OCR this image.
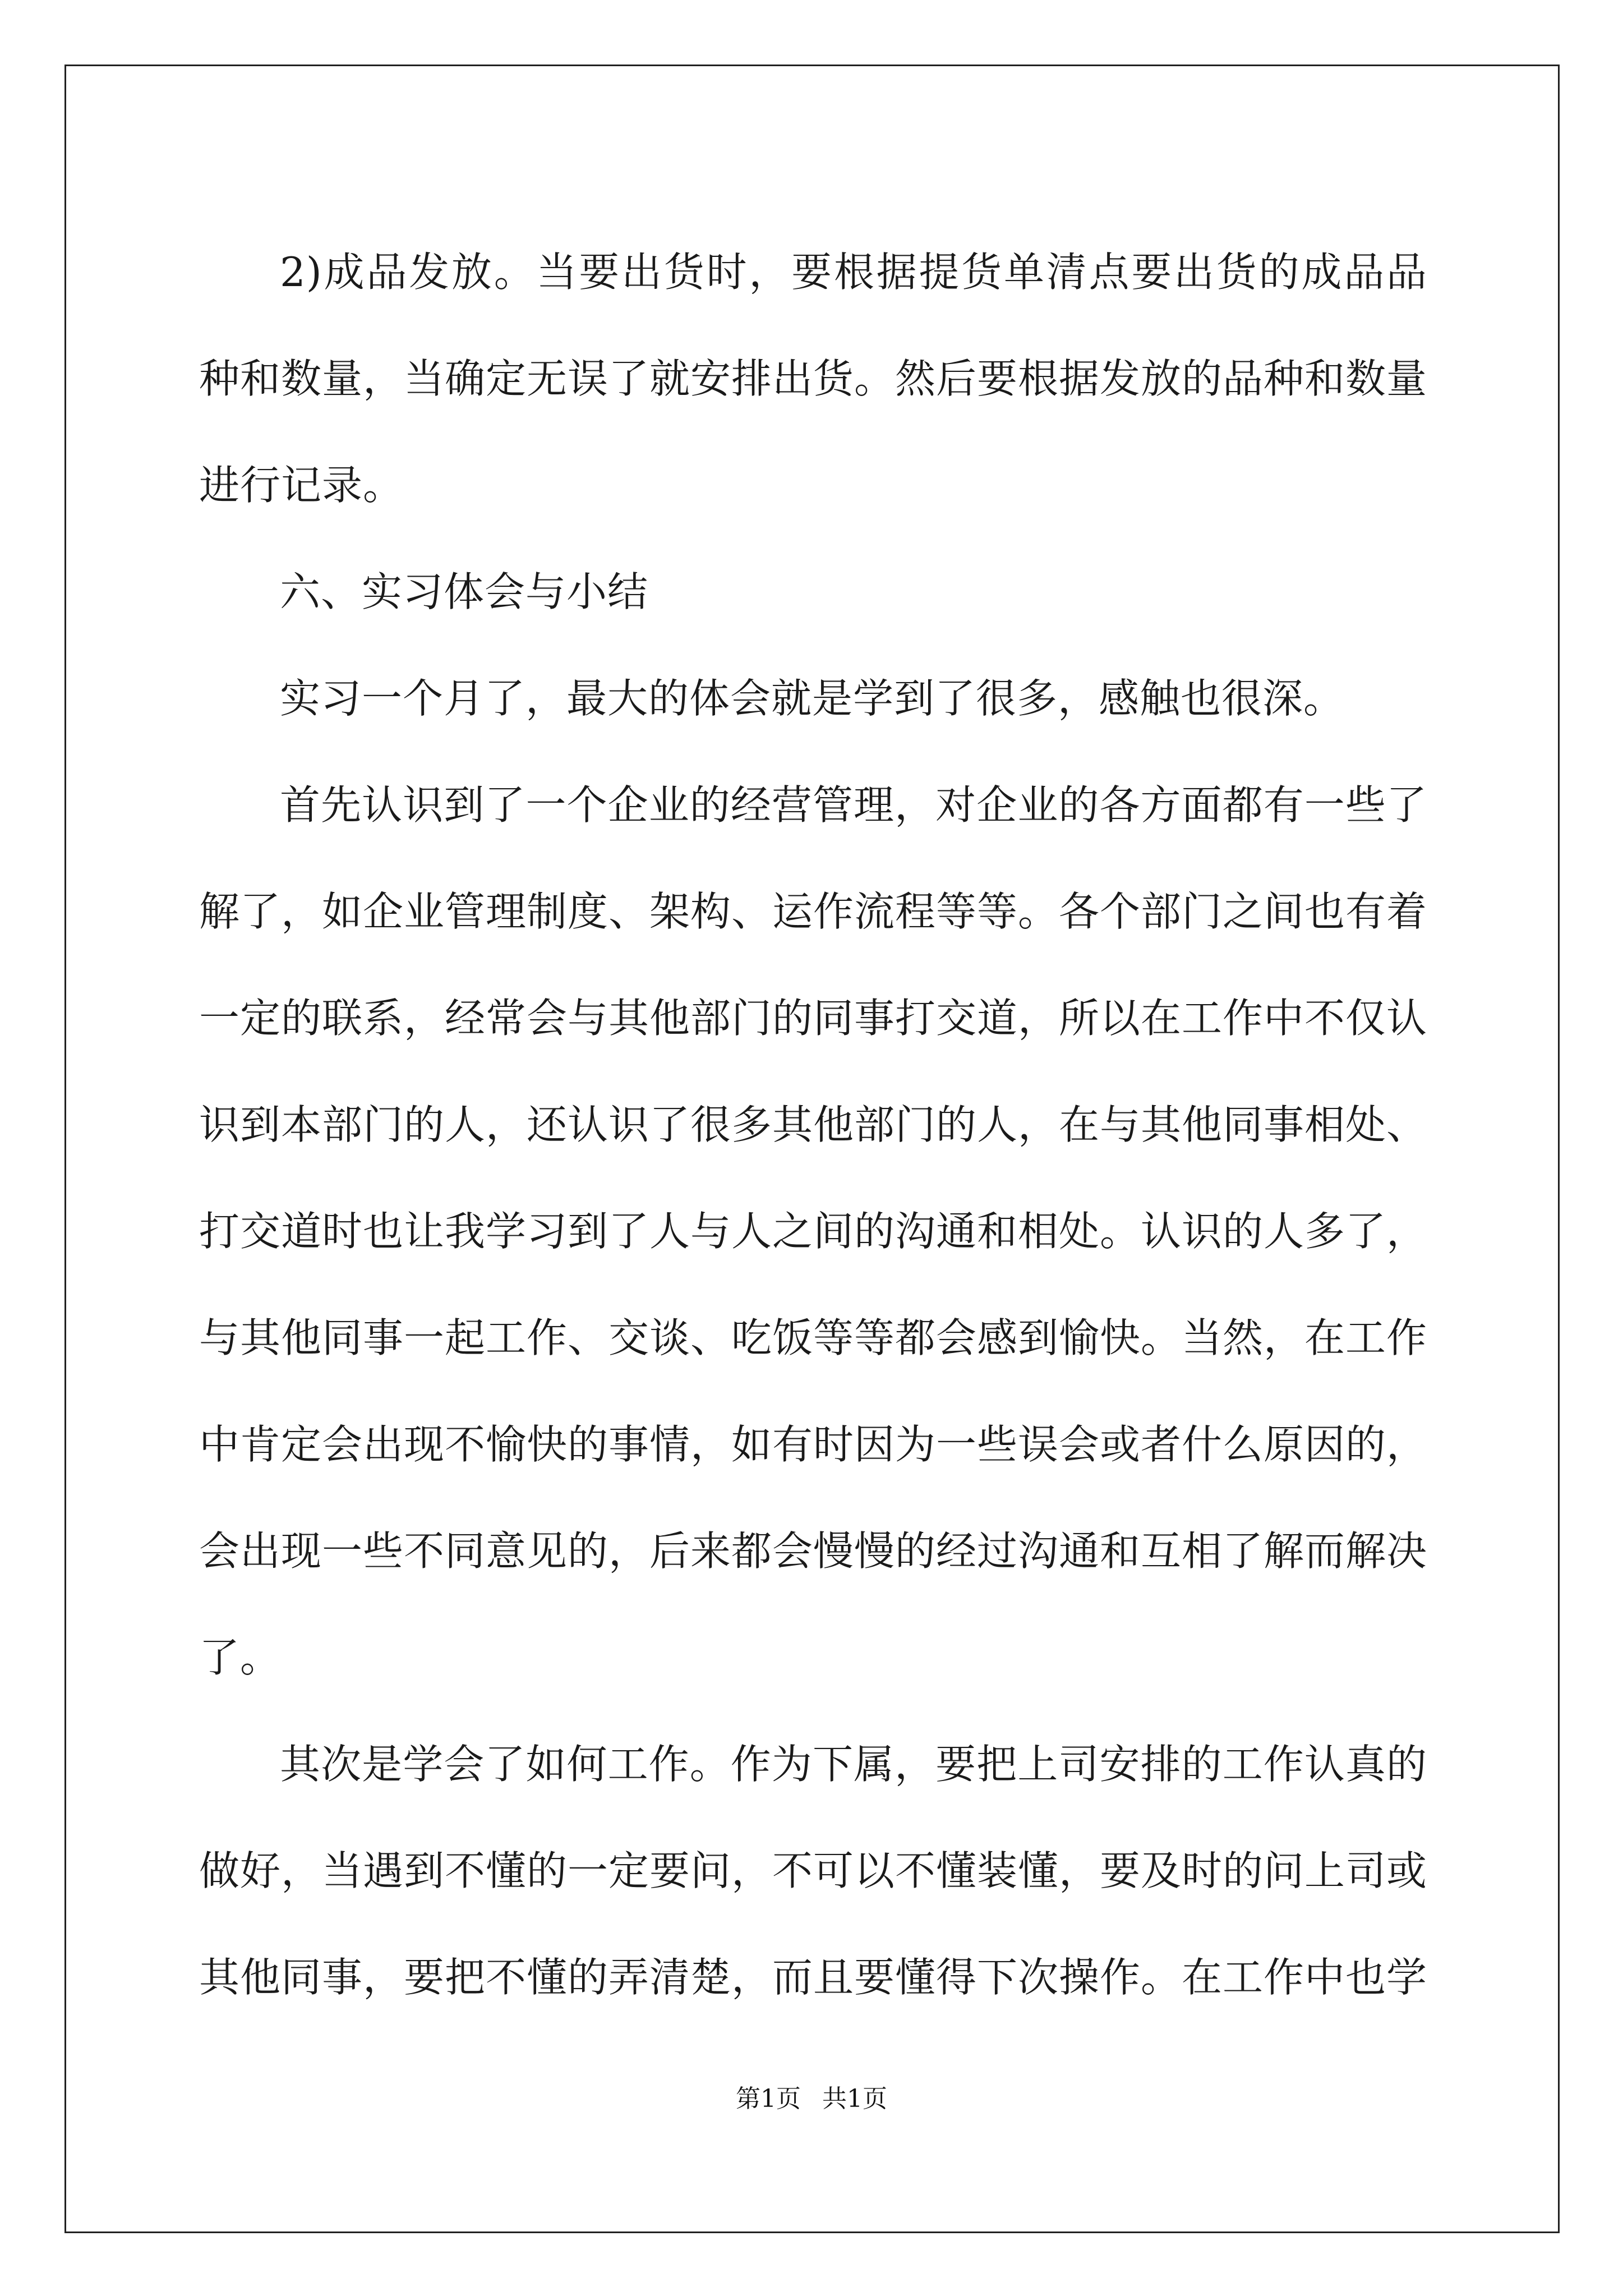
2)成品发放。当要出货时，要根据提货单清点要出货的成品品种和数量，当确定无误了就安排出货。然后要根据发放的品种和数量进行记录。

六、实习体会与小结

实习一个月了，最大的体会就是学到了很多，感触也很深。

首先认识到了一个企业的经营管理，对企业的各方面都有一些了解了，如企业管理制度、架构、运作流程等等。各个部门之间也有着一定的联系，经常会与其他部门的同事打交道，所以在工作中不仅认识到本部门的人，还认识了很多其他部门的人，在与其他同事相处、打交道时也让我学习到了人与人之间的沟通和相处。认识的人多了，与其他同事一起工作、交谈、吃饭等等都会感到愉快。当然，在工作中肯定会出现不愉快的事情，如有时因为一些误会或者什么原因的，会出现一些不同意见的，后来都会慢慢的经过沟通和互相了解而解决了。

其次是学会了如何工作。作为下属，要把上司安排的工作认真的做好，当遇到不懂的一定要问，不可以不懂装懂，要及时的问上司或其他同事，要把不懂的弄清楚，而且要懂得下次操作。在工作中也学

第1页 共1页
